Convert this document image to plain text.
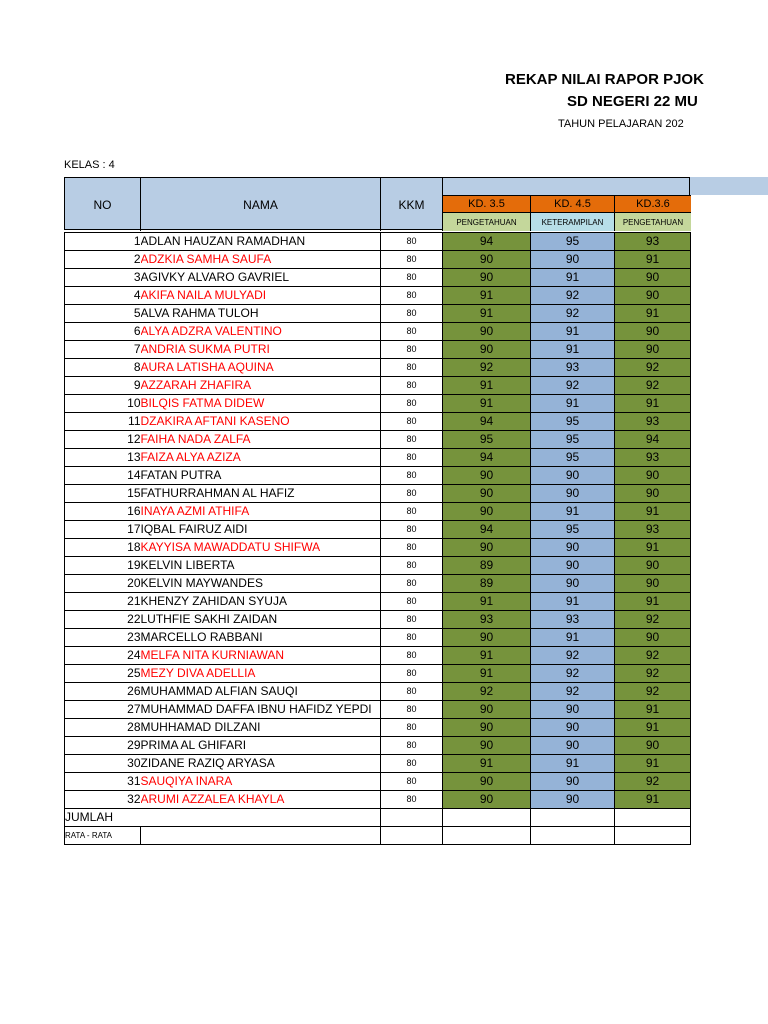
REKAP NILAI RAPOR PJOK
SD NEGERI 22 MU
TAHUN PELAJARAN 202
KELAS : 4
NO	NAMA	KKM	KD. 3.5	KD. 4.5	KD.3.6
PENGETAHUAN	KETERAMPILAN	PENGETAHUAN
1	ADLAN HAUZAN RAMADHAN	80	94	95	93
2	ADZKIA SAMHA SAUFA	80	90	90	91
3	AGIVKY ALVARO GAVRIEL	80	90	91	90
4	AKIFA NAILA MULYADI	80	91	92	90
5	ALVA RAHMA TULOH	80	91	92	91
6	ALYA ADZRA VALENTINO	80	90	91	90
7	ANDRIA SUKMA PUTRI	80	90	91	90
8	AURA LATISHA AQUINA	80	92	93	92
9	AZZARAH ZHAFIRA	80	91	92	92
10	BILQIS FATMA DIDEW	80	91	91	91
11	DZAKIRA AFTANI KASENO	80	94	95	93
12	FAIHA NADA ZALFA	80	95	95	94
13	FAIZA ALYA AZIZA	80	94	95	93
14	FATAN PUTRA	80	90	90	90
15	FATHURRAHMAN AL HAFIZ	80	90	90	90
16	INAYA AZMI ATHIFA	80	90	91	91
17	IQBAL FAIRUZ AIDI	80	94	95	93
18	KAYYISA MAWADDATU SHIFWA	80	90	90	91
19	KELVIN LIBERTA	80	89	90	90
20	KELVIN MAYWANDES	80	89	90	90
21	KHENZY ZAHIDAN SYUJA	80	91	91	91
22	LUTHFIE SAKHI ZAIDAN	80	93	93	92
23	MARCELLO RABBANI	80	90	91	90
24	MELFA NITA KURNIAWAN	80	91	92	92
25	MEZY DIVA ADELLIA	80	91	92	92
26	MUHAMMAD ALFIAN SAUQI	80	92	92	92
27	MUHAMMAD DAFFA IBNU HAFIDZ YEPDI	80	90	90	91
28	MUHHAMAD DILZANI	80	90	90	91
29	PRIMA AL GHIFARI	80	90	90	90
30	ZIDANE RAZIQ ARYASA	80	91	91	91
31	SAUQIYA INARA	80	90	90	92
32	ARUMI AZZALEA KHAYLA	80	90	90	91
JUMLAH					
RATA - RATA					
